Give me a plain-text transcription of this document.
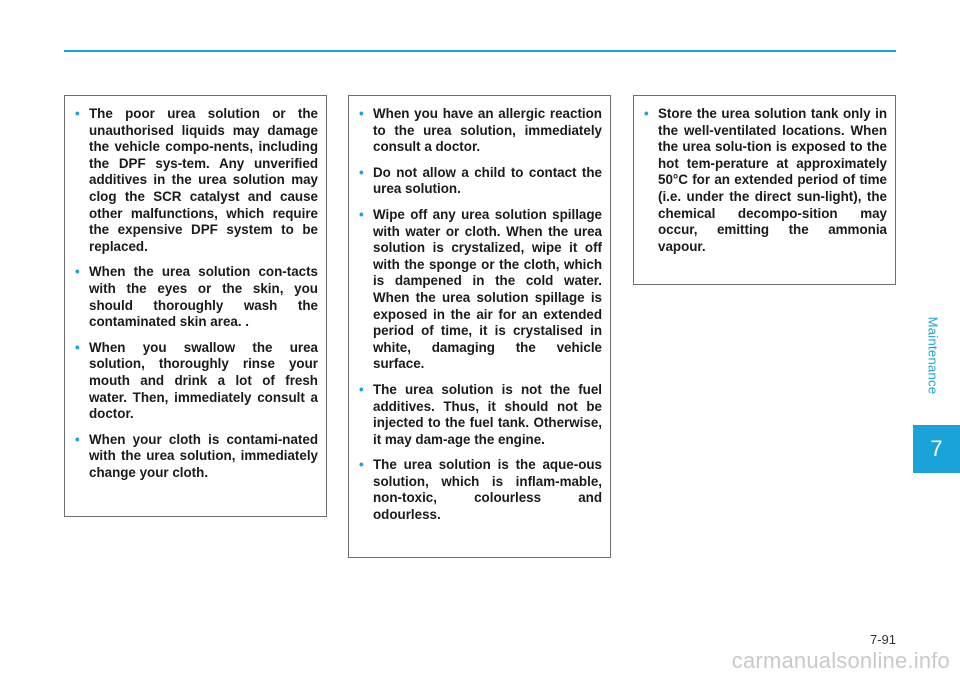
• The poor urea solution or the unauthorised liquids may damage the vehicle compo-nents, including the DPF sys-tem. Any unverified additives in the urea solution may clog the SCR catalyst and cause other malfunctions, which require the expensive DPF system to be replaced.
• When the urea solution con-tacts with the eyes or the skin, you should thoroughly wash the contaminated skin area. .
• When you swallow the urea solution, thoroughly rinse your mouth and drink a lot of fresh water. Then, immediately consult a doctor.
• When your cloth is contami-nated with the urea solution, immediately change your cloth.
• When you have an allergic reaction to the urea solution, immediately consult a doctor.
• Do not allow a child to contact the urea solution.
• Wipe off any urea solution spillage with water or cloth. When the urea solution is crystalized, wipe it off with the sponge or the cloth, which is dampened in the cold water. When the urea solution spillage is exposed in the air for an extended period of time, it is crystalised in white, damaging the vehicle surface.
• The urea solution is not the fuel additives. Thus, it should not be injected to the fuel tank. Otherwise, it may dam-age the engine.
• The urea solution is the aque-ous solution, which is inflam-mable, non-toxic, colourless and odourless.
• Store the urea solution tank only in the well-ventilated locations. When the urea solu-tion is exposed to the hot tem-perature at approximately 50°C for an extended period of time (i.e. under the direct sun-light), the chemical decompo-sition may occur, emitting the ammonia vapour.
Maintenance
7
7-91
carmanualsonline.info
